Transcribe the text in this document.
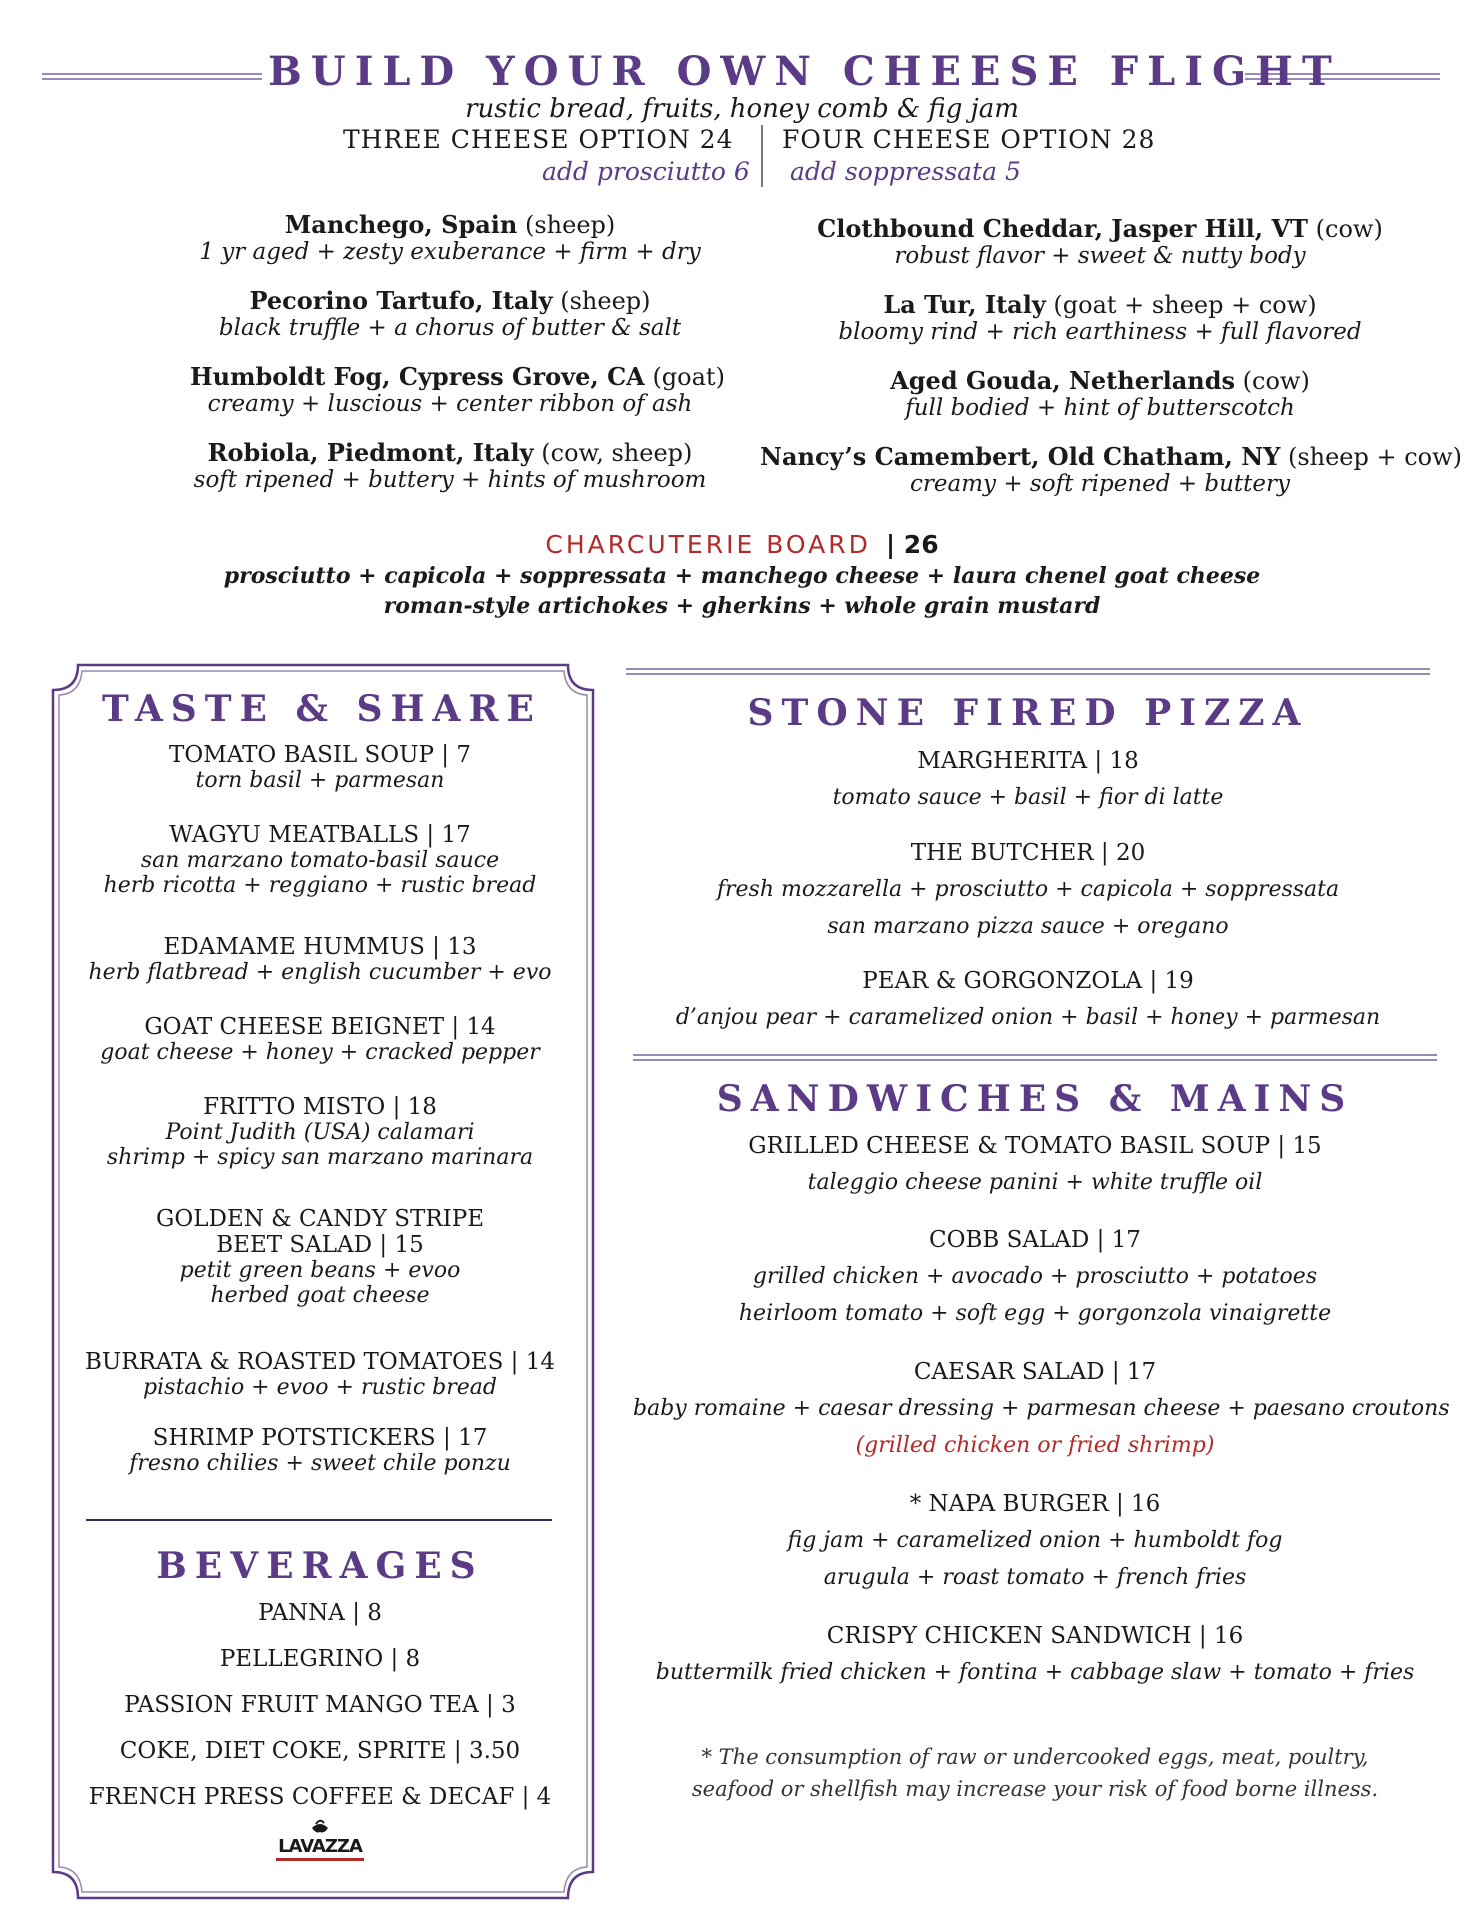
BUILD YOUR OWN CHEESE FLIGHT
rustic bread, fruits, honey comb & fig jam
THREE CHEESE OPTION 24 FOUR CHEESE OPTION 28
add prosciutto 6 add soppressata 5
Manchego, Spain (sheep)
1 yr aged + zesty exuberance + firm + dry
Pecorino Tartufo, Italy (sheep)
black truffle + a chorus of butter & salt
Humboldt Fog, Cypress Grove, CA (goat)
creamy + luscious + center ribbon of ash
Robiola, Piedmont, Italy (cow, sheep)
soft ripened + buttery + hints of mushroom
Clothbound Cheddar, Jasper Hill, VT (cow)
robust flavor + sweet & nutty body
La Tur, Italy (goat + sheep + cow)
bloomy rind + rich earthiness + full flavored
Aged Gouda, Netherlands (cow)
full bodied + hint of butterscotch
Nancy’s Camembert, Old Chatham, NY (sheep + cow)
creamy + soft ripened + buttery
CHARCUTERIE BOARD | 26
prosciutto + capicola + soppressata + manchego cheese + laura chenel goat cheese
roman-style artichokes + gherkins + whole grain mustard
TASTE & SHARE
TOMATO BASIL SOUP | 7
torn basil + parmesan
WAGYU MEATBALLS | 17
san marzano tomato-basil sauce
herb ricotta + reggiano + rustic bread
EDAMAME HUMMUS | 13
herb flatbread + english cucumber + evo
GOAT CHEESE BEIGNET | 14
goat cheese + honey + cracked pepper
FRITTO MISTO | 18
Point Judith (USA) calamari
shrimp + spicy san marzano marinara
GOLDEN & CANDY STRIPE
BEET SALAD | 15
petit green beans + evoo
herbed goat cheese
BURRATA & ROASTED TOMATOES | 14
pistachio + evoo + rustic bread
SHRIMP POTSTICKERS | 17
fresno chilies + sweet chile ponzu
BEVERAGES
PANNA | 8
PELLEGRINO | 8
PASSION FRUIT MANGO TEA | 3
COKE, DIET COKE, SPRITE | 3.50
FRENCH PRESS COFFEE & DECAF | 4
LAVAZZA
STONE FIRED PIZZA
MARGHERITA | 18
tomato sauce + basil + fior di latte
THE BUTCHER | 20
fresh mozzarella + prosciutto + capicola + soppressata
san marzano pizza sauce + oregano
PEAR & GORGONZOLA | 19
d’anjou pear + caramelized onion + basil + honey + parmesan
SANDWICHES & MAINS
GRILLED CHEESE & TOMATO BASIL SOUP | 15
taleggio cheese panini + white truffle oil
COBB SALAD | 17
grilled chicken + avocado + prosciutto + potatoes
heirloom tomato + soft egg + gorgonzola vinaigrette
CAESAR SALAD | 17
baby romaine + caesar dressing + parmesan cheese + paesano croutons
(grilled chicken or fried shrimp)
* NAPA BURGER | 16
fig jam + caramelized onion + humboldt fog
arugula + roast tomato + french fries
CRISPY CHICKEN SANDWICH | 16
buttermilk fried chicken + fontina + cabbage slaw + tomato + fries
* The consumption of raw or undercooked eggs, meat, poultry,
seafood or shellfish may increase your risk of food borne illness.
